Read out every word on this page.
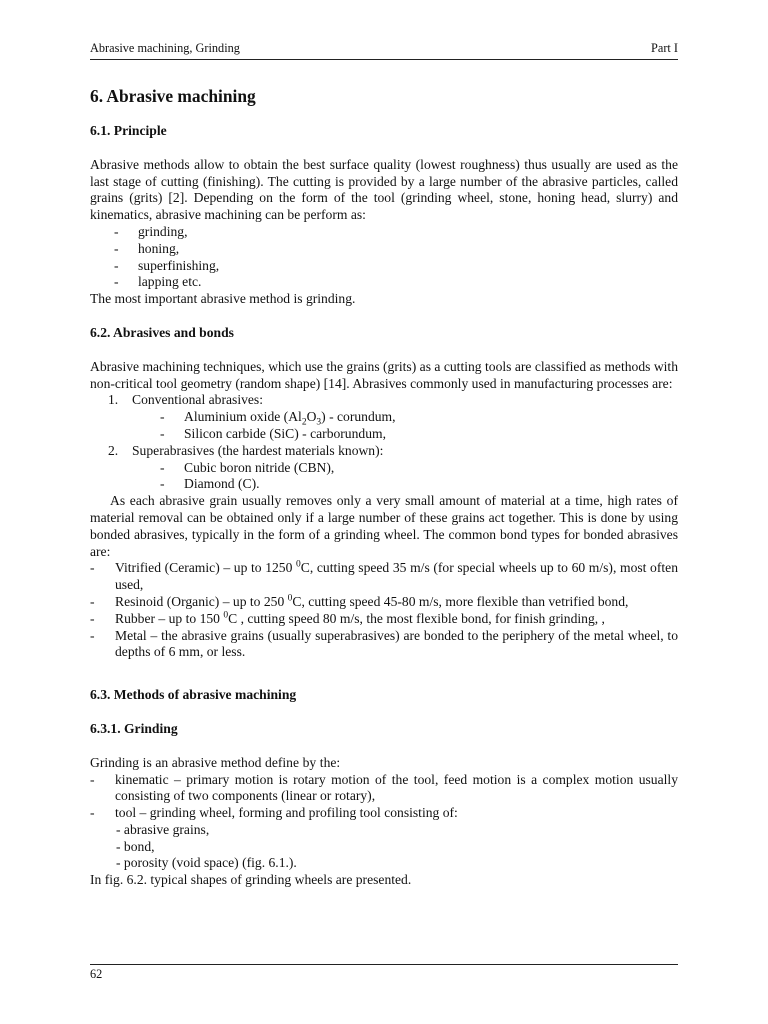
Abrasive machining, Grinding	Part I
6. Abrasive machining
6.1. Principle

Abrasive methods allow to obtain the best surface quality (lowest roughness) thus usually are used as the last stage of cutting (finishing). The cutting is provided by a large number of the abrasive particles, called grains (grits) [2]. Depending on the form of the tool (grinding wheel, stone, honing head, slurry) and kinematics, abrasive machining can be perform as:

- grinding,
- honing,
- superfinishing,
- lapping etc.

The most important abrasive method is grinding.

6.2. Abrasives and bonds

Abrasive machining techniques, which use the grains (grits) as a cutting tools are classified as methods with non-critical tool geometry (random shape) [14]. Abrasives commonly used in manufacturing processes are:

1. Conventional abrasives:
- Aluminium oxide $(Al_2O_3)$ - corundum,
- Silicon carbide (SiC) - carborundum,
2. Superabrasives (the hardest materials known):
- Cubic boron nitride (CBN),
- Diamond (C).

As each abrasive grain usually removes only a very small amount of material at a time, high rates of material removal can be obtained only if a large number of these grains act together. This is done by using bonded abrasives, typically in the form of a grinding wheel. The common bond types for bonded abrasives are:

- Vitrified (Ceramic) – up to 1250 $^0$C, cutting speed 35 m/s (for special wheels up to 60 m/s), most often used,
- Resinoid (Organic) – up to 250 $^0$C, cutting speed 45-80 m/s, more flexible than vetrified bond,
- Rubber – up to 150 $^0$C , cutting speed 80 m/s, the most flexible bond, for finish grinding, ,
- Metal – the abrasive grains (usually superabrasives) are bonded to the periphery of the metal wheel, to depths of 6 mm, or less.
6.3. Methods of abrasive machining
6.3.1. Grinding

Grinding is an abrasive method define by the:

- kinematic – primary motion is rotary motion of the tool, feed motion is a complex motion usually consisting of two components (linear or rotary),
- tool – grinding wheel, forming and profiling tool consisting of:
- abrasive grains,
- bond,
- porosity (void space) (fig. 6.1.).

In fig. 6.2. typical shapes of grinding wheels are presented.

62
